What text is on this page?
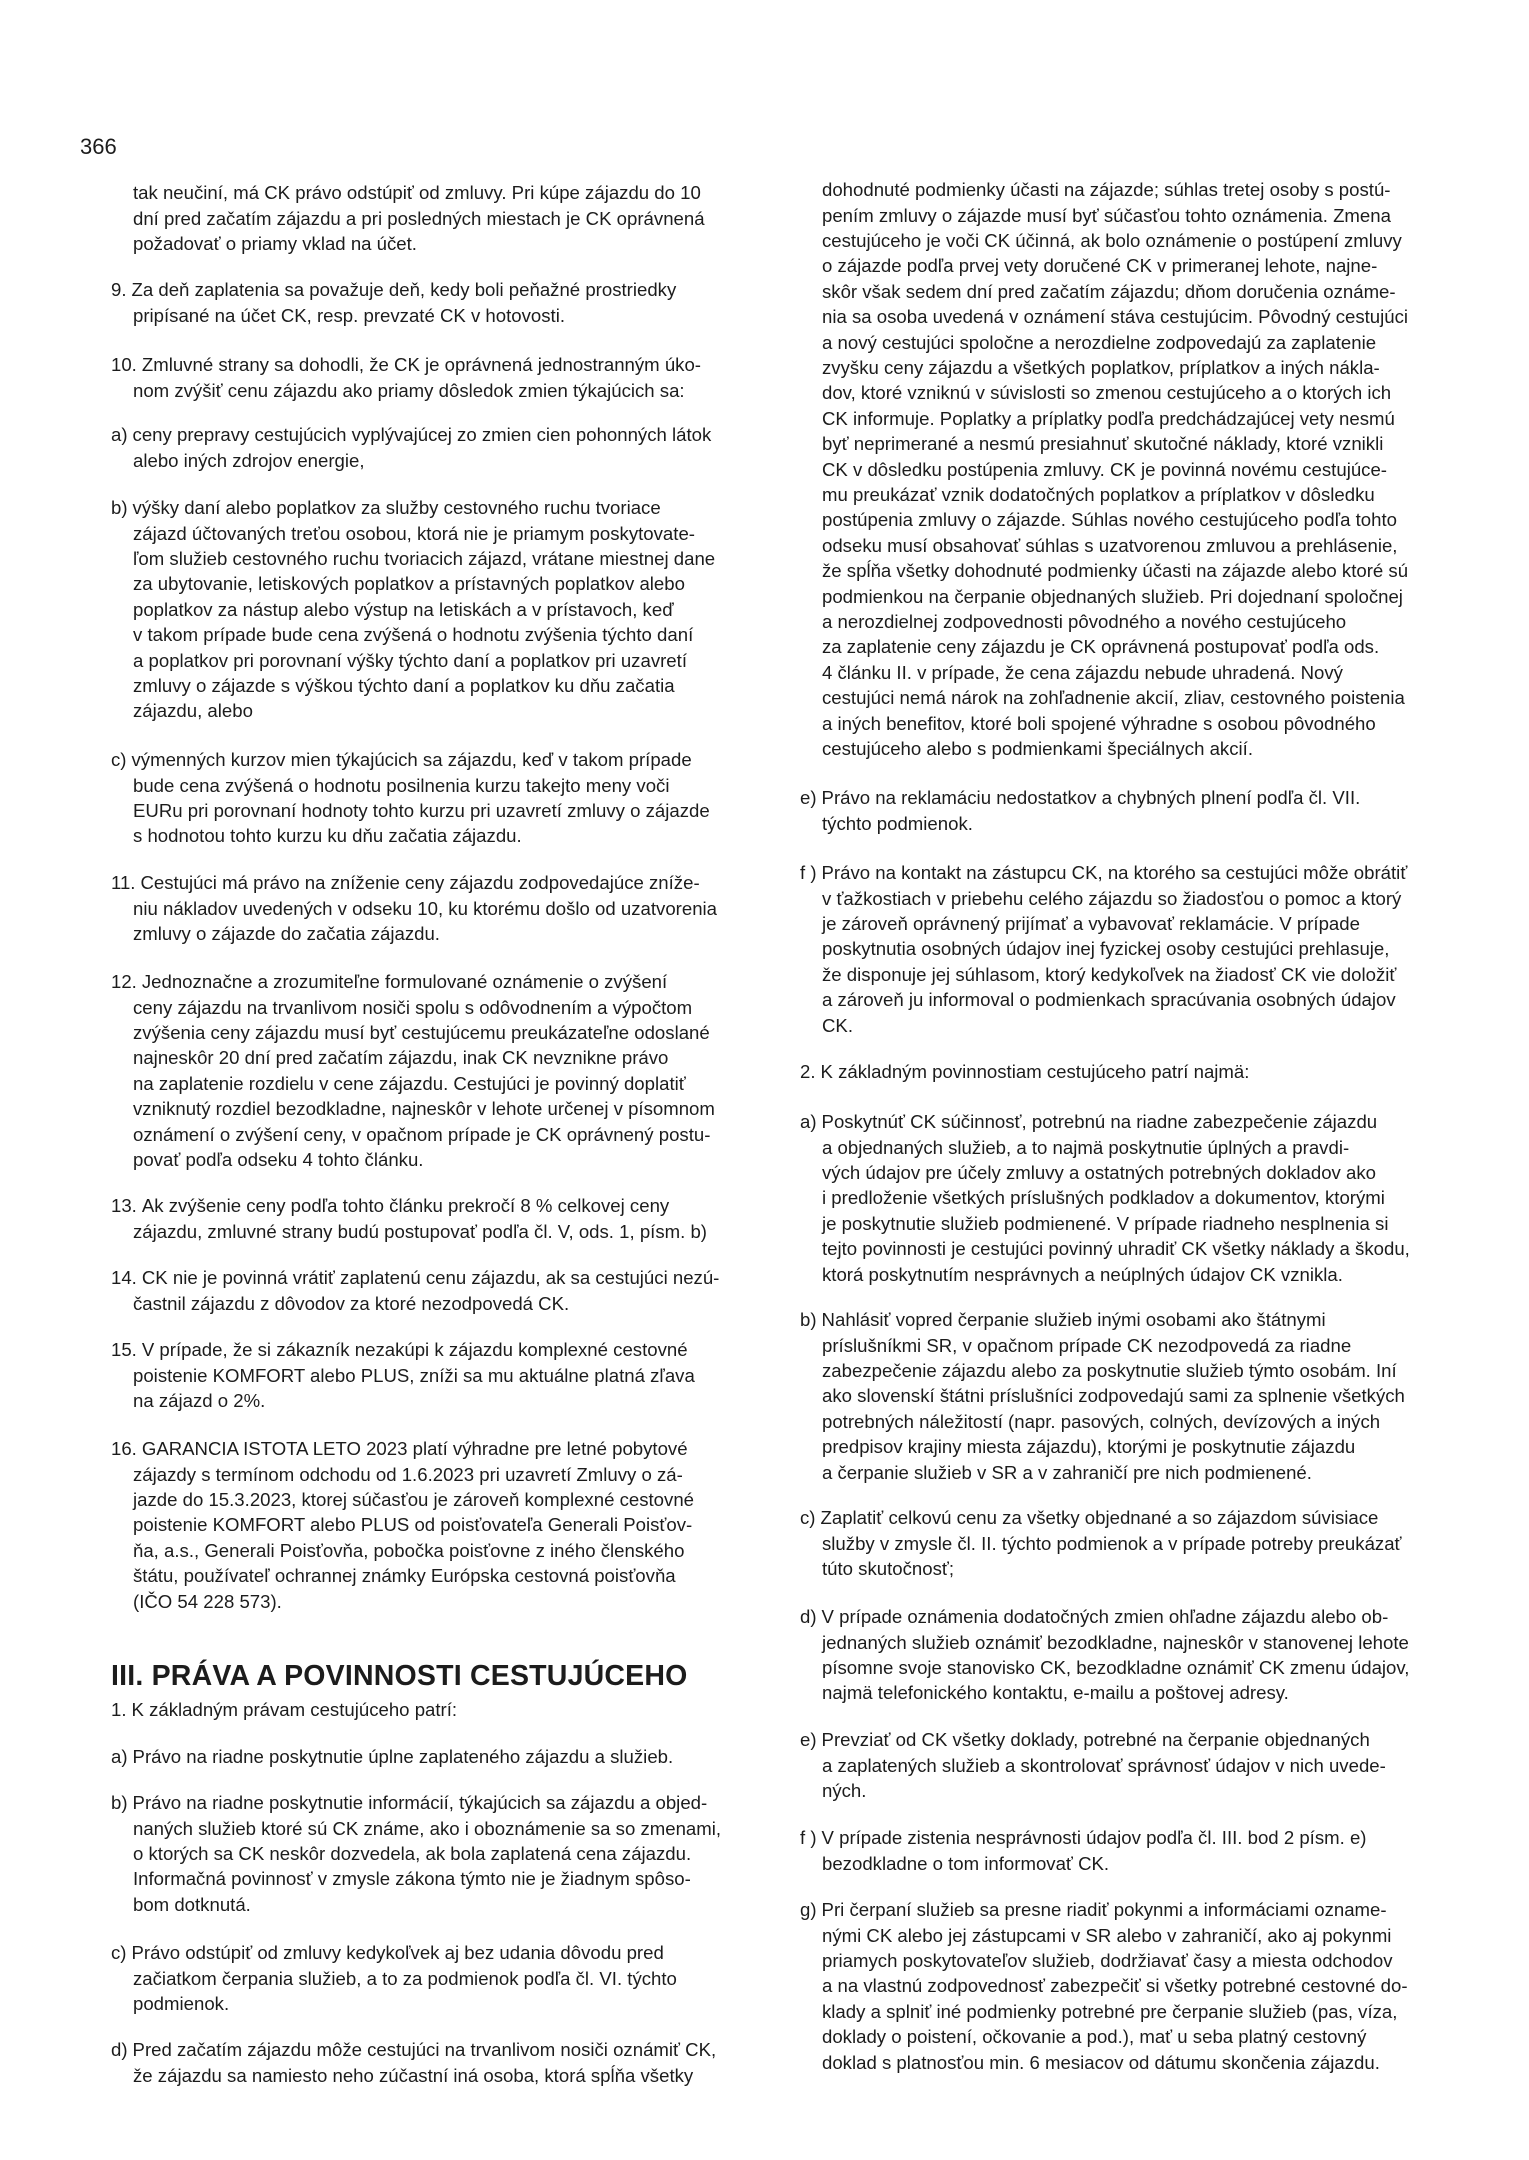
366
tak neučiní, má CK právo odstúpiť od zmluvy. Pri kúpe zájazdu do 10
dní pred začatím zájazdu a pri posledných miestach je CK oprávnená
požadovať o priamy vklad na účet.
9. Za deň zaplatenia sa považuje deň, kedy boli peňažné prostriedky
pripísané na účet CK, resp. prevzaté CK v hotovosti.
10. Zmluvné strany sa dohodli, že CK je oprávnená jednostranným úko-
nom zvýšiť cenu zájazdu ako priamy dôsledok zmien týkajúcich sa:
a) ceny prepravy cestujúcich vyplývajúcej zo zmien cien pohonných látok
alebo iných zdrojov energie,
b) výšky daní alebo poplatkov za služby cestovného ruchu tvoriace
zájazd účtovaných treťou osobou, ktorá nie je priamym poskytovate-
ľom služieb cestovného ruchu tvoriacich zájazd, vrátane miestnej dane
za ubytovanie, letiskových poplatkov a prístavných poplatkov alebo
poplatkov za nástup alebo výstup na letiskách a v prístavoch, keď
v takom prípade bude cena zvýšená o hodnotu zvýšenia týchto daní
a poplatkov pri porovnaní výšky týchto daní a poplatkov pri uzavretí
zmluvy o zájazde s výškou týchto daní a poplatkov ku dňu začatia
zájazdu, alebo
c) výmenných kurzov mien týkajúcich sa zájazdu, keď v takom prípade
bude cena zvýšená o hodnotu posilnenia kurzu takejto meny voči
EURu pri porovnaní hodnoty tohto kurzu pri uzavretí zmluvy o zájazde
s hodnotou tohto kurzu ku dňu začatia zájazdu.
11. Cestujúci má právo na zníženie ceny zájazdu zodpovedajúce zníže-
niu nákladov uvedených v odseku 10, ku ktorému došlo od uzatvorenia
zmluvy o zájazde do začatia zájazdu.
12. Jednoznačne a zrozumiteľne formulované oznámenie o zvýšení
ceny zájazdu na trvanlivom nosiči spolu s odôvodnením a výpočtom
zvýšenia ceny zájazdu musí byť cestujúcemu preukázateľne odoslané
najneskôr 20 dní pred začatím zájazdu, inak CK nevznikne právo
na zaplatenie rozdielu v cene zájazdu. Cestujúci je povinný doplatiť
vzniknutý rozdiel bezodkladne, najneskôr v lehote určenej v písomnom
oznámení o zvýšení ceny, v opačnom prípade je CK oprávnený postu-
povať podľa odseku 4 tohto článku.
13. Ak zvýšenie ceny podľa tohto článku prekročí 8 % celkovej ceny
zájazdu, zmluvné strany budú postupovať podľa čl. V, ods. 1, písm. b)
14. CK nie je povinná vrátiť zaplatenú cenu zájazdu, ak sa cestujúci nezú-
častnil zájazdu z dôvodov za ktoré nezodpovedá CK.
15. V prípade, že si zákazník nezakúpi k zájazdu komplexné cestovné
poistenie KOMFORT alebo PLUS, zníži sa mu aktuálne platná zľava
na zájazd o 2%.
16. GARANCIA ISTOTA LETO 2023 platí výhradne pre letné pobytové
zájazdy s termínom odchodu od 1.6.2023 pri uzavretí Zmluvy o zá-
jazde do 15.3.2023, ktorej súčasťou je zároveň komplexné cestovné
poistenie KOMFORT alebo PLUS od poisťovateľa Generali Poisťov-
ňa, a.s., Generali Poisťovňa, pobočka poisťovne z iného členského
štátu, používateľ ochrannej známky Európska cestovná poisťovňa
(IČO 54 228 573).
1. K základným právam cestujúceho patrí:
a) Právo na riadne poskytnutie úplne zaplateného zájazdu a služieb.
b) Právo na riadne poskytnutie informácií, týkajúcich sa zájazdu a objed-
naných služieb ktoré sú CK známe, ako i oboznámenie sa so zmenami,
o ktorých sa CK neskôr dozvedela, ak bola zaplatená cena zájazdu.
Informačná povinnosť v zmysle zákona týmto nie je žiadnym spôso-
bom dotknutá.
c) Právo odstúpiť od zmluvy kedykoľvek aj bez udania dôvodu pred
začiatkom čerpania služieb, a to za podmienok podľa čl. VI. týchto
podmienok.
d) Pred začatím zájazdu môže cestujúci na trvanlivom nosiči oznámiť CK,
že zájazdu sa namiesto neho zúčastní iná osoba, ktorá spĺňa všetky
dohodnuté podmienky účasti na zájazde; súhlas tretej osoby s postú-
pením zmluvy o zájazde musí byť súčasťou tohto oznámenia. Zmena
cestujúceho je voči CK účinná, ak bolo oznámenie o postúpení zmluvy
o zájazde podľa prvej vety doručené CK v primeranej lehote, najne-
skôr však sedem dní pred začatím zájazdu; dňom doručenia oznáme-
nia sa osoba uvedená v oznámení stáva cestujúcim. Pôvodný cestujúci
a nový cestujúci spoločne a nerozdielne zodpovedajú za zaplatenie
zvyšku ceny zájazdu a všetkých poplatkov, príplatkov a iných nákla-
dov, ktoré vzniknú v súvislosti so zmenou cestujúceho a o ktorých ich
CK informuje. Poplatky a príplatky podľa predchádzajúcej vety nesmú
byť neprimerané a nesmú presiahnuť skutočné náklady, ktoré vznikli
CK v dôsledku postúpenia zmluvy. CK je povinná novému cestujúce-
mu preukázať vznik dodatočných poplatkov a príplatkov v dôsledku
postúpenia zmluvy o zájazde. Súhlas nového cestujúceho podľa tohto
odseku musí obsahovať súhlas s uzatvorenou zmluvou a prehlásenie,
že spĺňa všetky dohodnuté podmienky účasti na zájazde alebo ktoré sú
podmienkou na čerpanie objednaných služieb. Pri dojednaní spoločnej
a nerozdielnej zodpovednosti pôvodného a nového cestujúceho
za zaplatenie ceny zájazdu je CK oprávnená postupovať podľa ods.
4 článku II. v prípade, že cena zájazdu nebude uhradená. Nový
cestujúci nemá nárok na zohľadnenie akcií, zliav, cestovného poistenia
a iných benefitov, ktoré boli spojené výhradne s osobou pôvodného
cestujúceho alebo s podmienkami špeciálnych akcií.
e) Právo na reklamáciu nedostatkov a chybných plnení podľa čl. VII.
týchto podmienok.
f ) Právo na kontakt na zástupcu CK, na ktorého sa cestujúci môže obrátiť
v ťažkostiach v priebehu celého zájazdu so žiadosťou o pomoc a ktorý
je zároveň oprávnený prijímať a vybavovať reklamácie. V prípade
poskytnutia osobných údajov inej fyzickej osoby cestujúci prehlasuje,
že disponuje jej súhlasom, ktorý kedykoľvek na žiadosť CK vie doložiť
a zároveň ju informoval o podmienkach spracúvania osobných údajov
CK.
2. K základným povinnostiam cestujúceho patrí najmä:
a) Poskytnúť CK súčinnosť, potrebnú na riadne zabezpečenie zájazdu
a objednaných služieb, a to najmä poskytnutie úplných a pravdi-
vých údajov pre účely zmluvy a ostatných potrebných dokladov ako
i predloženie všetkých príslušných podkladov a dokumentov, ktorými
je poskytnutie služieb podmienené. V prípade riadneho nesplnenia si
tejto povinnosti je cestujúci povinný uhradiť CK všetky náklady a škodu,
ktorá poskytnutím nesprávnych a neúplných údajov CK vznikla.
b) Nahlásiť vopred čerpanie služieb inými osobami ako štátnymi
príslušníkmi SR, v opačnom prípade CK nezodpovedá za riadne
zabezpečenie zájazdu alebo za poskytnutie služieb týmto osobám. Iní
ako slovenskí štátni príslušníci zodpovedajú sami za splnenie všetkých
potrebných náležitostí (napr. pasových, colných, devízových a iných
predpisov krajiny miesta zájazdu), ktorými je poskytnutie zájazdu
a čerpanie služieb v SR a v zahraničí pre nich podmienené.
c) Zaplatiť celkovú cenu za všetky objednané a so zájazdom súvisiace
služby v zmysle čl. II. týchto podmienok a v prípade potreby preukázať
túto skutočnosť;
d) V prípade oznámenia dodatočných zmien ohľadne zájazdu alebo ob-
jednaných služieb oznámiť bezodkladne, najneskôr v stanovenej lehote
písomne svoje stanovisko CK, bezodkladne oznámiť CK zmenu údajov,
najmä telefonického kontaktu, e-mailu a poštovej adresy.
e) Prevziať od CK všetky doklady, potrebné na čerpanie objednaných
a zaplatených služieb a skontrolovať správnosť údajov v nich uvede-
ných.
f ) V prípade zistenia nesprávnosti údajov podľa čl. III. bod 2 písm. e)
bezodkladne o tom informovať CK.
g) Pri čerpaní služieb sa presne riadiť pokynmi a informáciami ozname-
nými CK alebo jej zástupcami v SR alebo v zahraničí, ako aj pokynmi
priamych poskytovateľov služieb, dodržiavať časy a miesta odchodov
a na vlastnú zodpovednosť zabezpečiť si všetky potrebné cestovné do-
klady a splniť iné podmienky potrebné pre čerpanie služieb (pas, víza,
doklady o poistení, očkovanie a pod.), mať u seba platný cestovný
doklad s platnosťou min. 6 mesiacov od dátumu skončenia zájazdu.
III. PRÁVA A POVINNOSTI CESTUJÚCEHO
